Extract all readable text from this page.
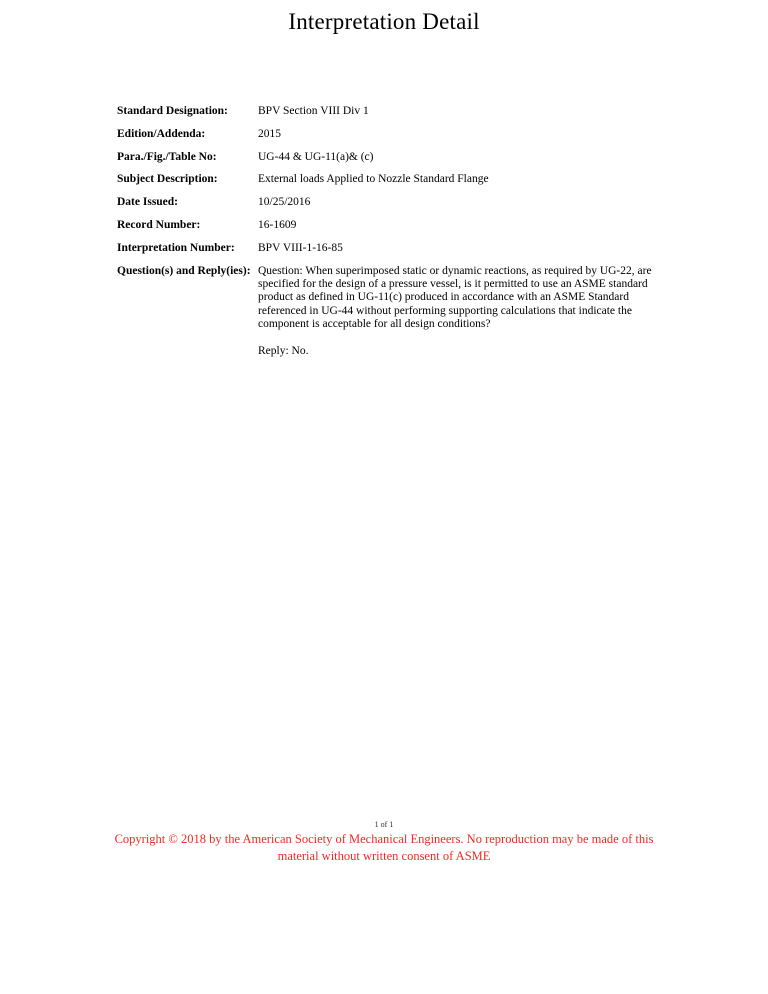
Interpretation Detail
Standard Designation:	BPV Section VIII Div 1
Edition/Addenda:	2015
Para./Fig./Table No:	UG-44 & UG-11(a)& (c)
Subject Description:	External loads Applied to Nozzle Standard Flange
Date Issued:	10/25/2016
Record Number:	16-1609
Interpretation Number:	BPV VIII-1-16-85
Question(s) and Reply(ies): Question: When superimposed static or dynamic reactions, as required by UG-22, are specified for the design of a pressure vessel, is it permitted to use an ASME standard product as defined in UG-11(c) produced in accordance with an ASME Standard referenced in UG-44 without performing supporting calculations that indicate the component is acceptable for all design conditions?

Reply: No.

1 of 1
Copyright © 2018 by the American Society of Mechanical Engineers. No reproduction may be made of this
material without written consent of ASME
